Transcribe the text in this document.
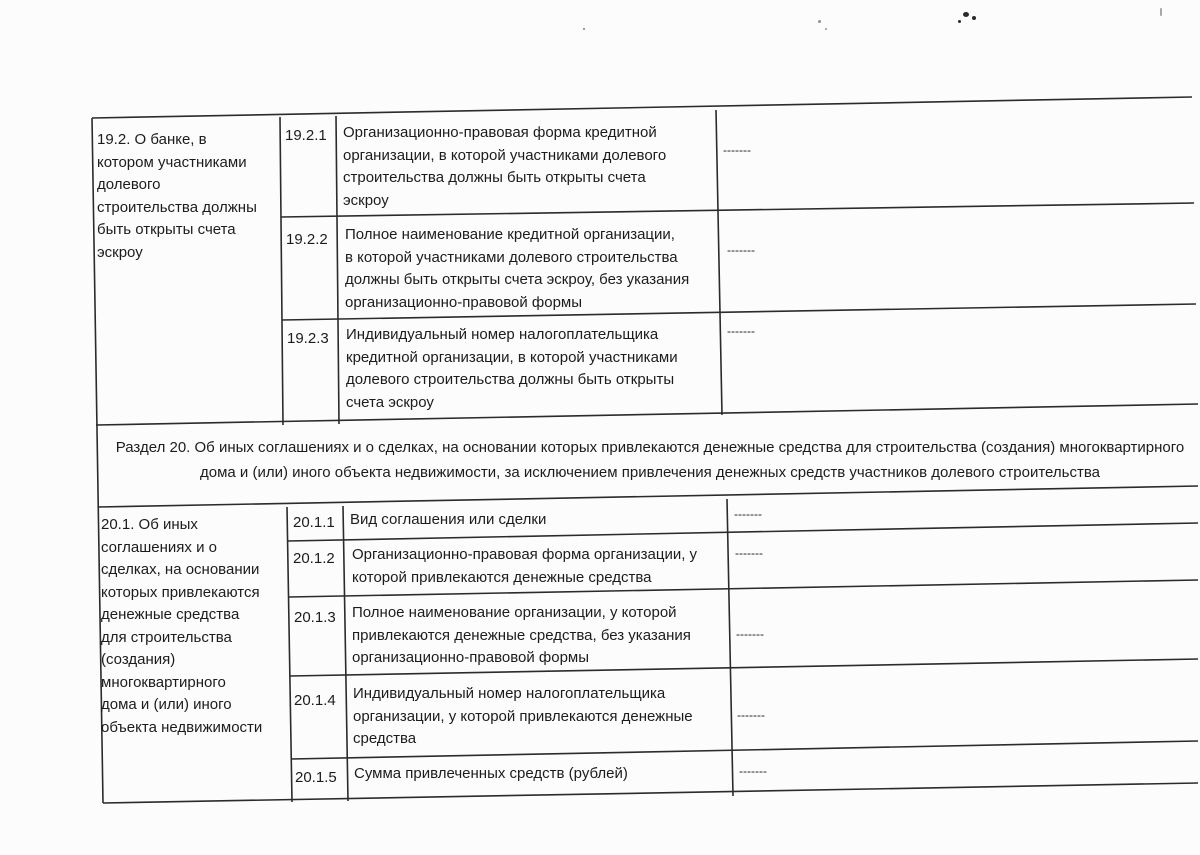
19.2. О банке, в
котором участниками
долевого
строительства должны
быть открыты счета
эскроу
19.2.1 Организационно-правовая форма кредитной
организации, в которой участниками долевого
строительства должны быть открыты счета
эскроу
-------
19.2.2 Полное наименование кредитной организации,
в которой участниками долевого строительства
должны быть открыты счета эскроу, без указания
организационно-правовой формы
-------
19.2.3 Индивидуальный номер налогоплательщика
кредитной организации, в которой участниками
долевого строительства должны быть открыты
счета эскроу
-------
Раздел 20. Об иных соглашениях и о сделках, на основании которых привлекаются денежные средства для строительства (создания) многоквартирного дома и (или) иного объекта недвижимости, за исключением привлечения денежных средств участников долевого строительства
20.1. Об иных
соглашениях и о
сделках, на основании
которых привлекаются
денежные средства
для строительства
(создания)
многоквартирного
дома и (или) иного
объекта недвижимости
20.1.1 Вид соглашения или сделки	-------
20.1.2 Организационно-правовая форма организации, у
которой привлекаются денежные средства
-------
20.1.3 Полное наименование организации, у которой
привлекаются денежные средства, без указания
организационно-правовой формы
-------
20.1.4 Индивидуальный номер налогоплательщика
организации, у которой привлекаются денежные
средства
-------
20.1.5 Сумма привлеченных средств (рублей)	-------
